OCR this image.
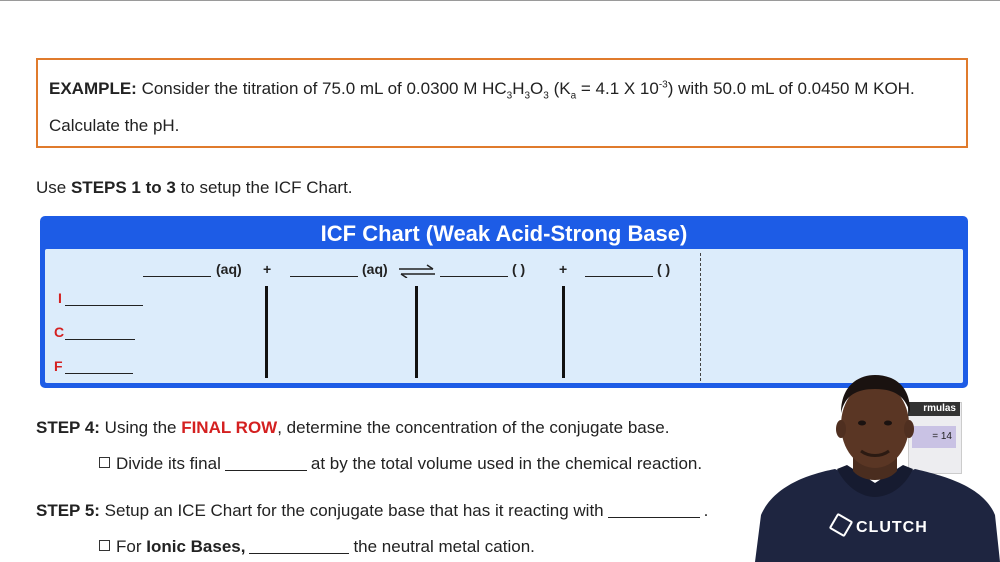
EXAMPLE: Consider the titration of 75.0 mL of 0.0300 M $HC_3H_3O_3$ ($K_a = 4.1$ X $10^{-3}$) with 50.0 mL of 0.0450 M KOH.
Calculate the pH.
Use STEPS 1 to 3 to setup the ICF Chart.
ICF Chart (Weak Acid-Strong Base)
(aq) +	(aq) ⇌	( ) +	( )
I
C
F
STEP 4: Using the FINAL ROW, determine the concentration of the conjugate base.
Divide its final	at by the total volume used in the chemical reaction.
STEP 5: Setup an ICE Chart for the conjugate base that has it reacting with	.
For Ionic Bases,	the neutral metal cation.
rmulas
= 14
CLUTCH
